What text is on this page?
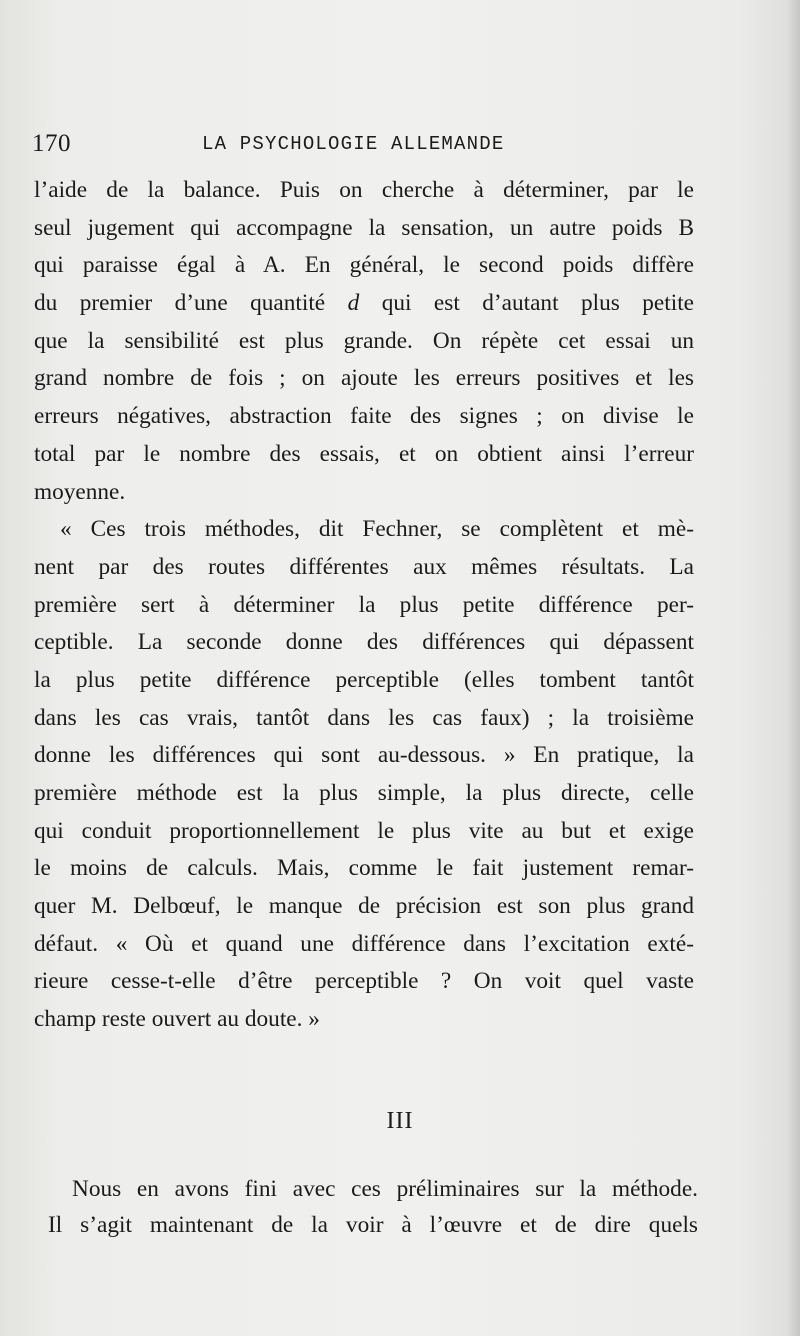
170	LA PSYCHOLOGIE ALLEMANDE
l’aide de la balance. Puis on cherche à déterminer, par le
seul jugement qui accompagne la sensation, un autre poids B
qui paraisse égal à A. En général, le second poids diffère
du premier d’une quantité d qui est d’autant plus petite
que la sensibilité est plus grande. On répète cet essai un
grand nombre de fois ; on ajoute les erreurs positives et les
erreurs négatives, abstraction faite des signes ; on divise le
total par le nombre des essais, et on obtient ainsi l’erreur
moyenne.
« Ces trois méthodes, dit Fechner, se complètent et mè-
nent par des routes différentes aux mêmes résultats. La
première sert à déterminer la plus petite différence per-
ceptible. La seconde donne des différences qui dépassent
la plus petite différence perceptible (elles tombent tantôt
dans les cas vrais, tantôt dans les cas faux) ; la troisième
donne les différences qui sont au-dessous. » En pratique, la
première méthode est la plus simple, la plus directe, celle
qui conduit proportionnellement le plus vite au but et exige
le moins de calculs. Mais, comme le fait justement remar-
quer M. Delbœuf, le manque de précision est son plus grand
défaut. « Où et quand une différence dans l’excitation exté-
rieure cesse-t-elle d’être perceptible ? On voit quel vaste
champ reste ouvert au doute. »
III
Nous en avons fini avec ces préliminaires sur la méthode.
Il s’agit maintenant de la voir à l’œuvre et de dire quels
